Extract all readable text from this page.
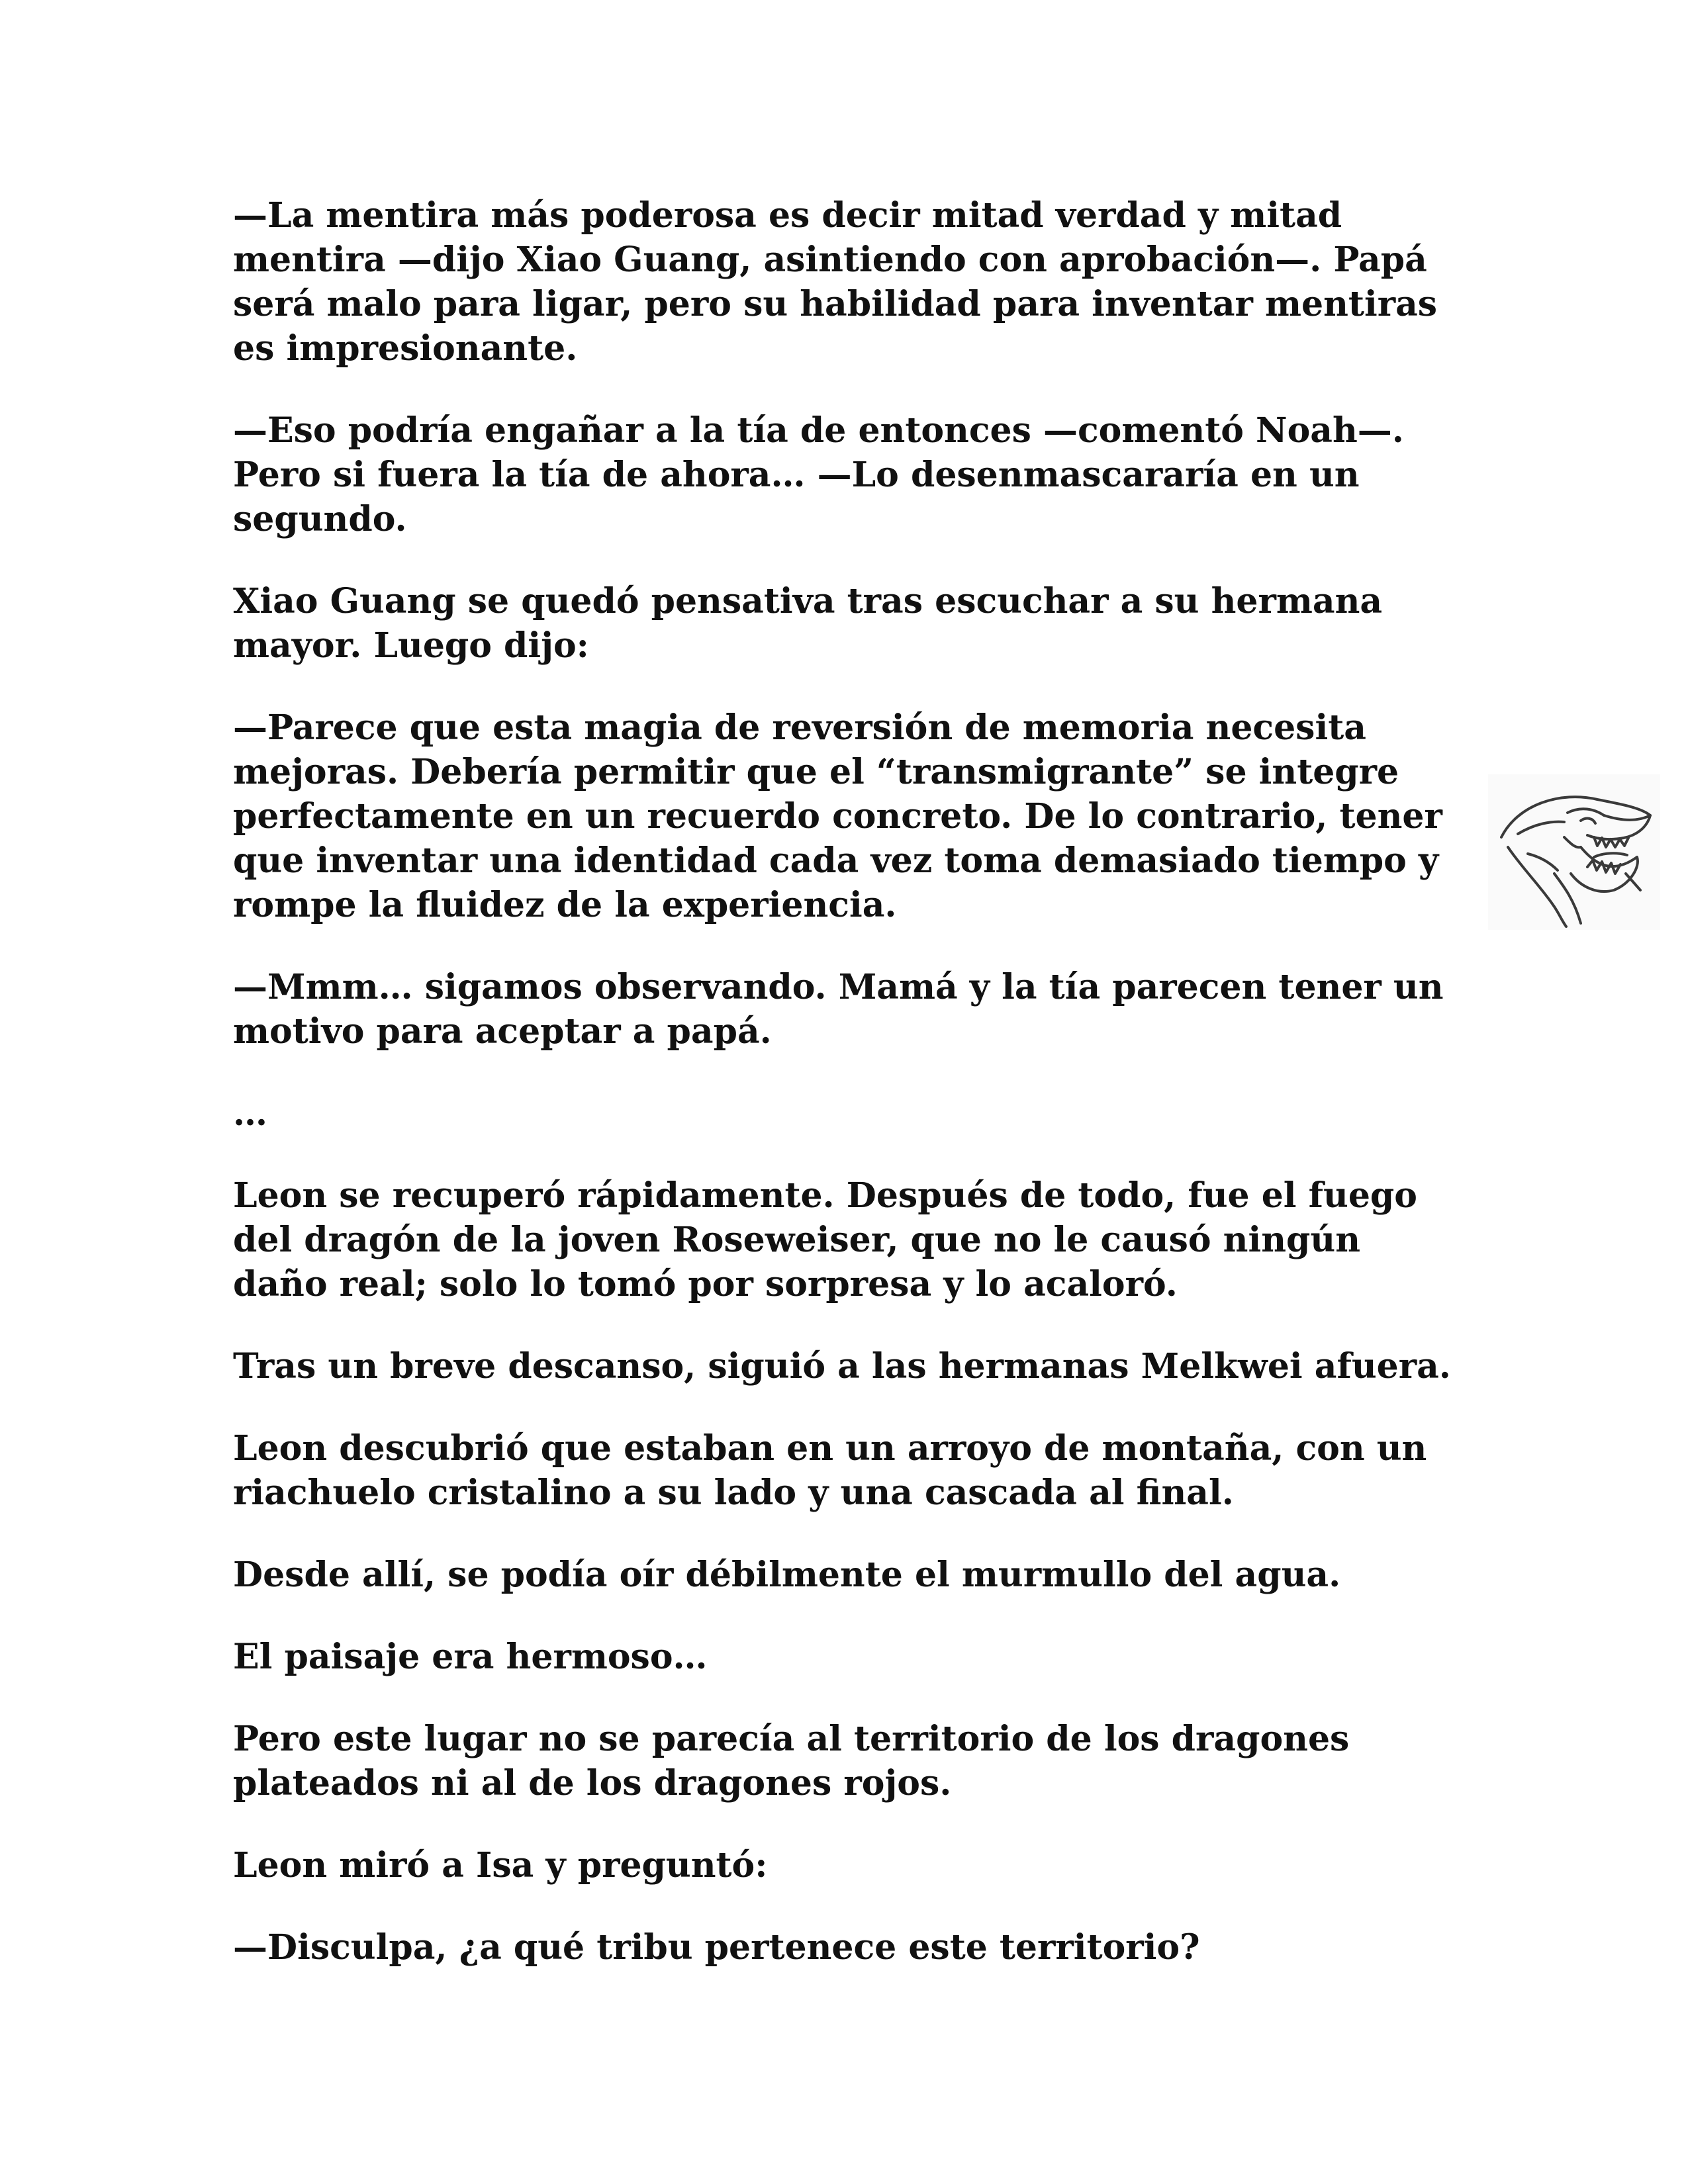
—La mentira más poderosa es decir mitad verdad y mitad
mentira —dijo Xiao Guang, asintiendo con aprobación—. Papá
será malo para ligar, pero su habilidad para inventar mentiras
es impresionante.

—Eso podría engañar a la tía de entonces —comentó Noah—.
Pero si fuera la tía de ahora… —Lo desenmascararía en un
segundo.

Xiao Guang se quedó pensativa tras escuchar a su hermana
mayor. Luego dijo:

—Parece que esta magia de reversión de memoria necesita
mejoras. Debería permitir que el “transmigrante” se integre
perfectamente en un recuerdo concreto. De lo contrario, tener
que inventar una identidad cada vez toma demasiado tiempo y
rompe la fluidez de la experiencia.

—Mmm… sigamos observando. Mamá y la tía parecen tener un
motivo para aceptar a papá.

…

Leon se recuperó rápidamente. Después de todo, fue el fuego
del dragón de la joven Roseweiser, que no le causó ningún
daño real; solo lo tomó por sorpresa y lo acaloró.

Tras un breve descanso, siguió a las hermanas Melkwei afuera.

Leon descubrió que estaban en un arroyo de montaña, con un
riachuelo cristalino a su lado y una cascada al final.

Desde allí, se podía oír débilmente el murmullo del agua.

El paisaje era hermoso…

Pero este lugar no se parecía al territorio de los dragones
plateados ni al de los dragones rojos.

Leon miró a Isa y preguntó:

—Disculpa, ¿a qué tribu pertenece este territorio?
